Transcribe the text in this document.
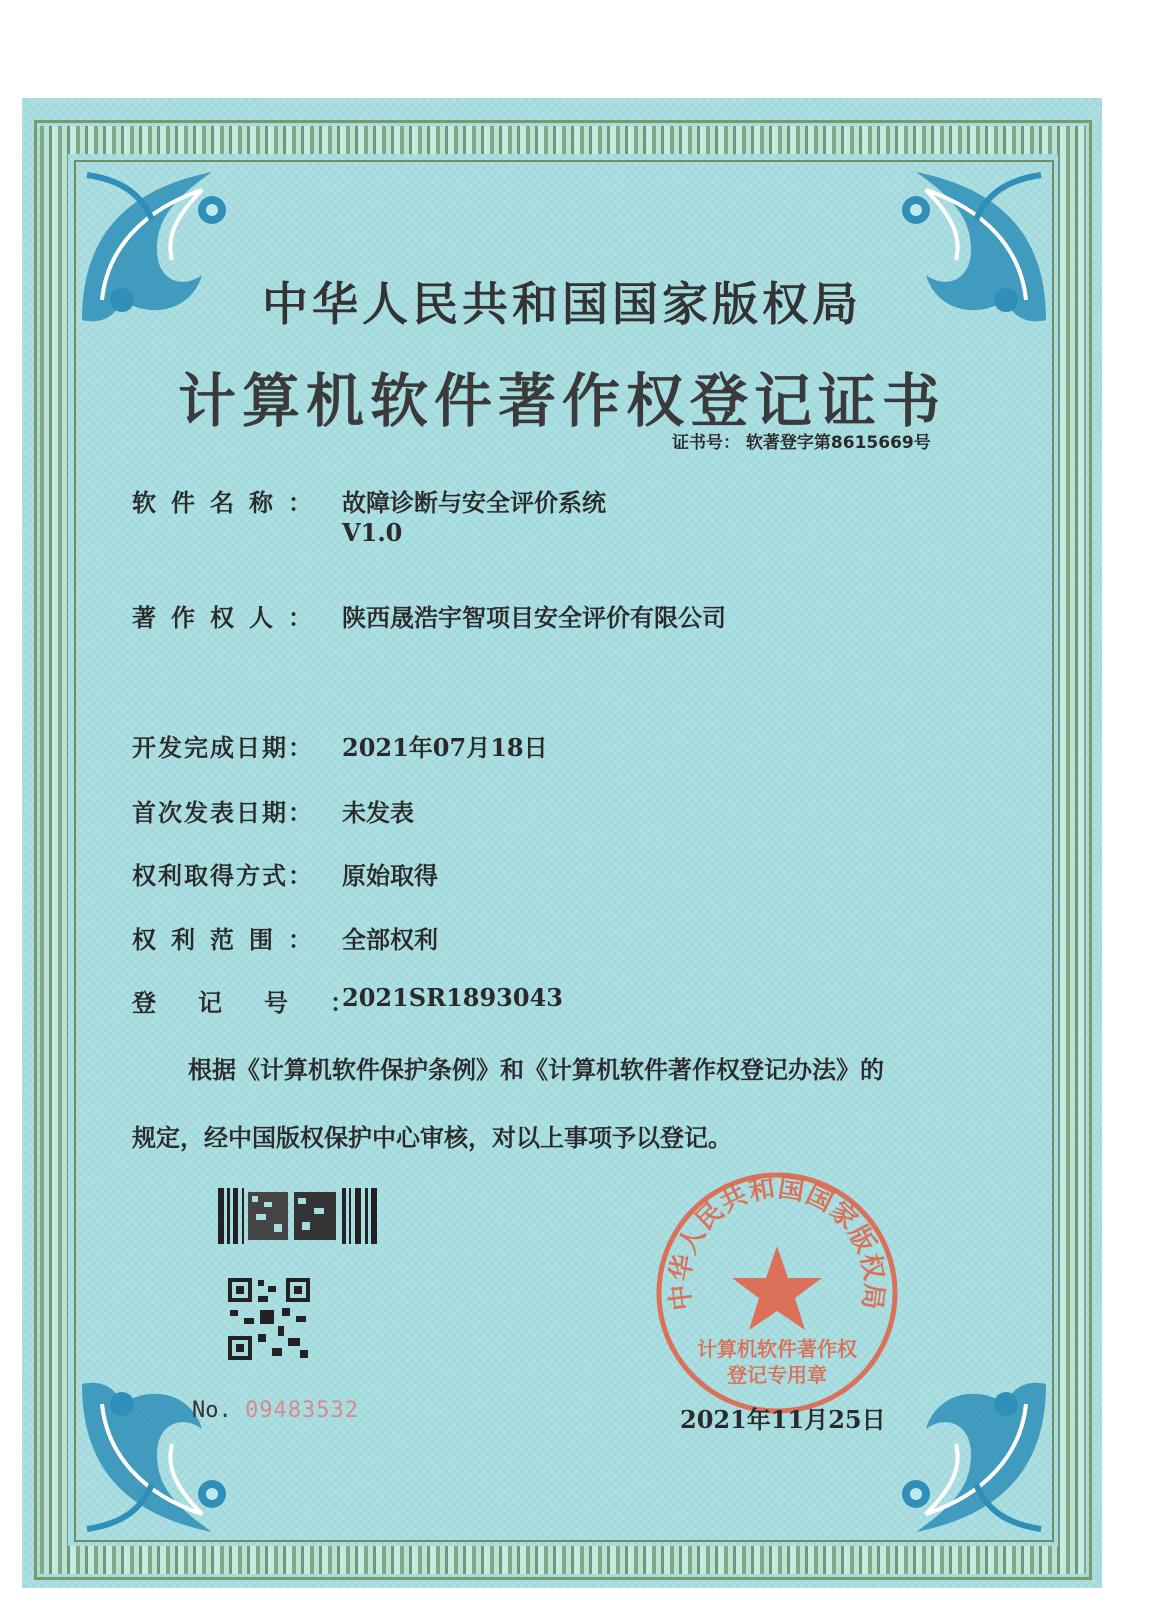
中华人民共和国国家版权局
计算机软件著作权登记证书
证书号： 软著登字第8615669号
软件名称： 故障诊断与安全评价系统
V1.0
著作权人： 陕西晟浩宇智项目安全评价有限公司
开发完成日期： 2021年07月18日
首次发表日期： 未发表
权利取得方式： 原始取得
权利范围： 全部权利
登记号：
2021SR1893043
根据《计算机软件保护条例》和《计算机软件著作权登记办法》的
规定，经中国版权保护中心审核，对以上事项予以登记。
No. 09483532
中华人民共和国国家版权局
计算机软件著作权
登记专用章
2021年11月25日
